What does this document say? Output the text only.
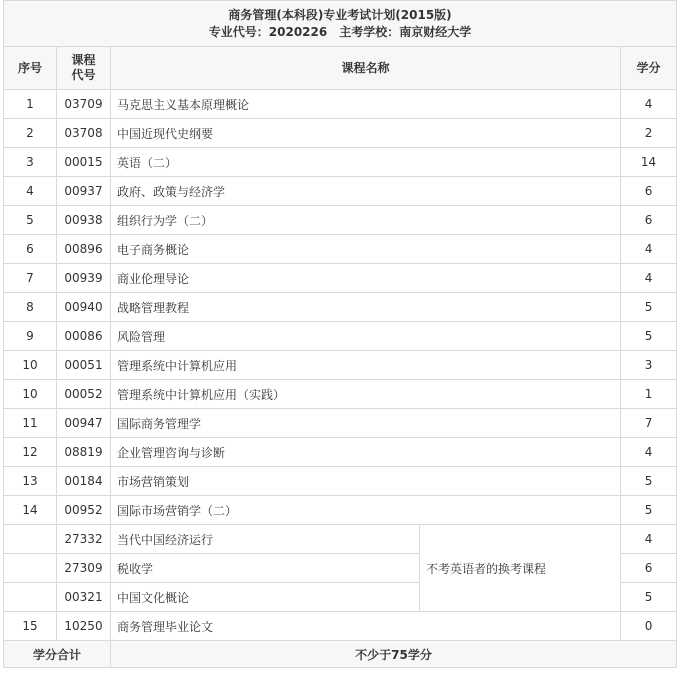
商务管理(本科段)专业考试计划(2015版)
专业代号：2020226　主考学校：南京财经大学				

序号	课程代号	课程名称		学分
1	03709	马克思主义基本原理概论		4
2	03708	中国近现代史纲要		2
3	00015	英语（二）		14
4	00937	政府、政策与经济学		6
5	00938	组织行为学（二）		6
6	00896	电子商务概论		4
7	00939	商业伦理导论		4
8	00940	战略管理教程		5
9	00086	风险管理		5
10	00051	管理系统中计算机应用		3
10	00052	管理系统中计算机应用（实践）		1
11	00947	国际商务管理学		7
12	08819	企业管理咨询与诊断		4
13	00184	市场营销策划		5
14	00952	国际市场营销学（二）		5
	27332	当代中国经济运行	不考英语者的换考课程	4
	27309	税收学		6
	00321	中国文化概论		5
15	10250	商务管理毕业论文		0
学分合计		不少于75学分		
